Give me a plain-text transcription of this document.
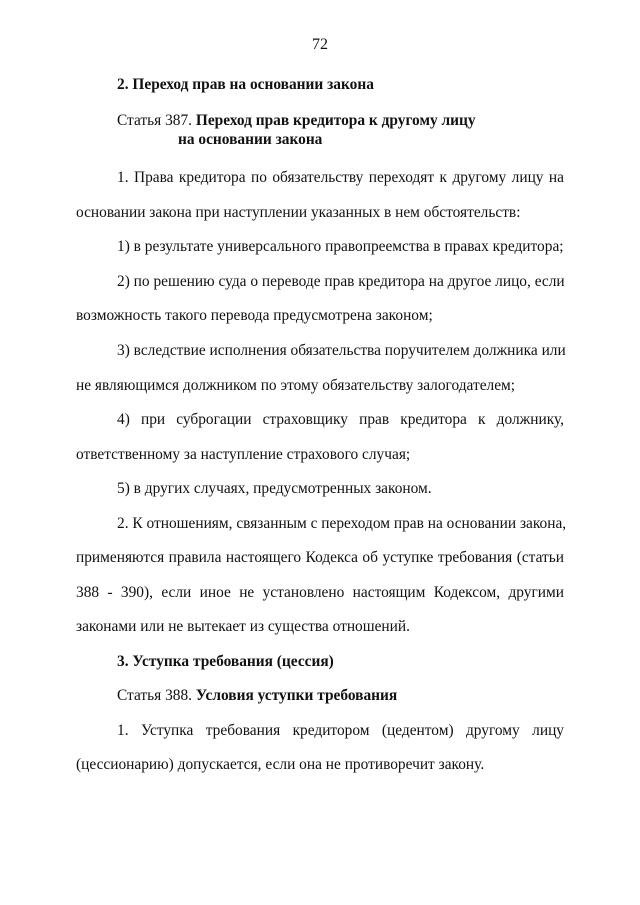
72
2. Переход прав на основании закона
Статья 387. Переход прав кредитора к другому лицу
на основании закона
1. Права кредитора по обязательству переходят к другому лицу на
основании закона при наступлении указанных в нем обстоятельств:
1) в результате универсального правопреемства в правах кредитора;
2) по решению суда о переводе прав кредитора на другое лицо, если
возможность такого перевода предусмотрена законом;
3) вследствие исполнения обязательства поручителем должника или
не являющимся должником по этому обязательству залогодателем;
4) при суброгации страховщику прав кредитора к должнику,
ответственному за наступление страхового случая;
5) в других случаях, предусмотренных законом.
2. К отношениям, связанным с переходом прав на основании закона,
применяются правила настоящего Кодекса об уступке требования (статьи
388 - 390), если иное не установлено настоящим Кодексом, другими
законами или не вытекает из существа отношений.
3. Уступка требования (цессия)
Статья 388. Условия уступки требования
1. Уступка требования кредитором (цедентом) другому лицу
(цессионарию) допускается, если она не противоречит закону.
